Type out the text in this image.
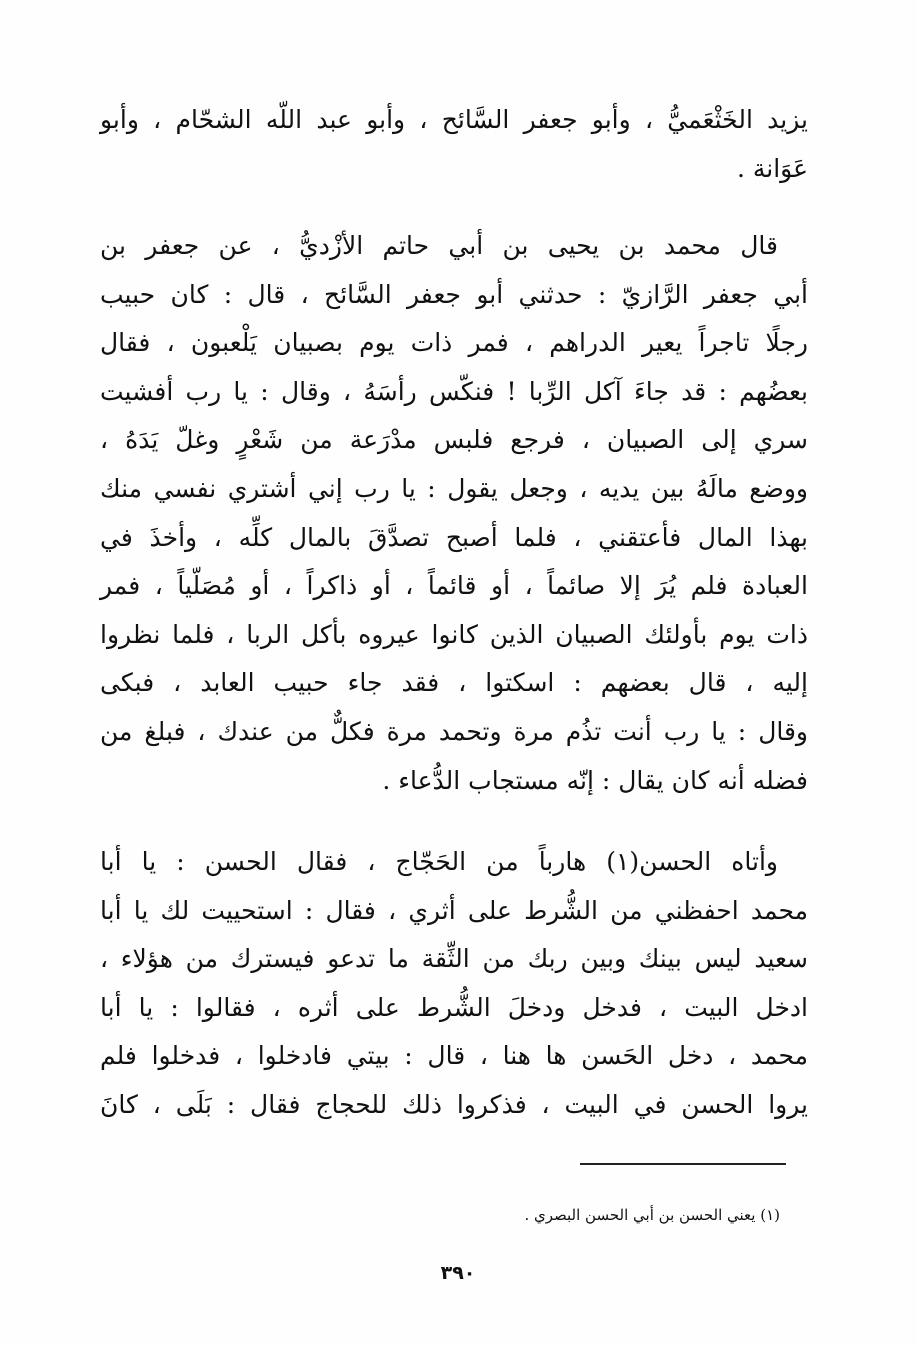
يزيد الخَثْعَميُّ ، وأبو جعفر السَّائح ، وأبو عبد اللّه الشحّام ، وأبو
عَوَانة .
قال محمد بن يحيى بن أبي حاتم الأزْديُّ ، عن جعفر بن
أبي جعفر الرَّازيّ : حدثني أبو جعفر السَّائح ، قال : كان حبيب
رجلًا تاجراً يعير الدراهم ، فمر ذات يوم بصبيان يَلْعبون ، فقال
بعضُهم : قد جاءَ آكل الرِّبا ! فنكّس رأسَهُ ، وقال : يا رب أفشيت
سري إلى الصبيان ، فرجع فلبس مدْرَعة من شَعْرٍ وغلّ يَدَهُ ،
ووضع مالَهُ بين يديه ، وجعل يقول : يا رب إني أشتري نفسي منك
بهذا المال فأعتقني ، فلما أصبح تصدَّقَ بالمال كلِّه ، وأخذَ في
العبادة فلم يُرَ إلا صائماً ، أو قائماً ، أو ذاكراً ، أو مُصَلّياً ، فمر
ذات يوم بأولئك الصبيان الذين كانوا عيروه بأكل الربا ، فلما نظروا
إليه ، قال بعضهم : اسكتوا ، فقد جاء حبيب العابد ، فبكى
وقال : يا رب أنت تذُم مرة وتحمد مرة فكلٌّ من عندك ، فبلغ من
فضله أنه كان يقال : إنّه مستجاب الدُّعاء .
وأتاه الحسن(١) هارباً من الحَجّاج ، فقال الحسن : يا أبا
محمد احفظني من الشُّرط على أثري ، فقال : استحييت لك يا أبا
سعيد ليس بينك وبين ربك من الثِّقة ما تدعو فيسترك من هؤلاء ،
ادخل البيت ، فدخل ودخلَ الشُّرط على أثره ، فقالوا : يا أبا
محمد ، دخل الحَسن ها هنا ، قال : بيتي فادخلوا ، فدخلوا فلم
يروا الحسن في البيت ، فذكروا ذلك للحجاج فقال : بَلَى ، كانَ
(١) يعني الحسن بن أبي الحسن البصري .
٣٩٠
